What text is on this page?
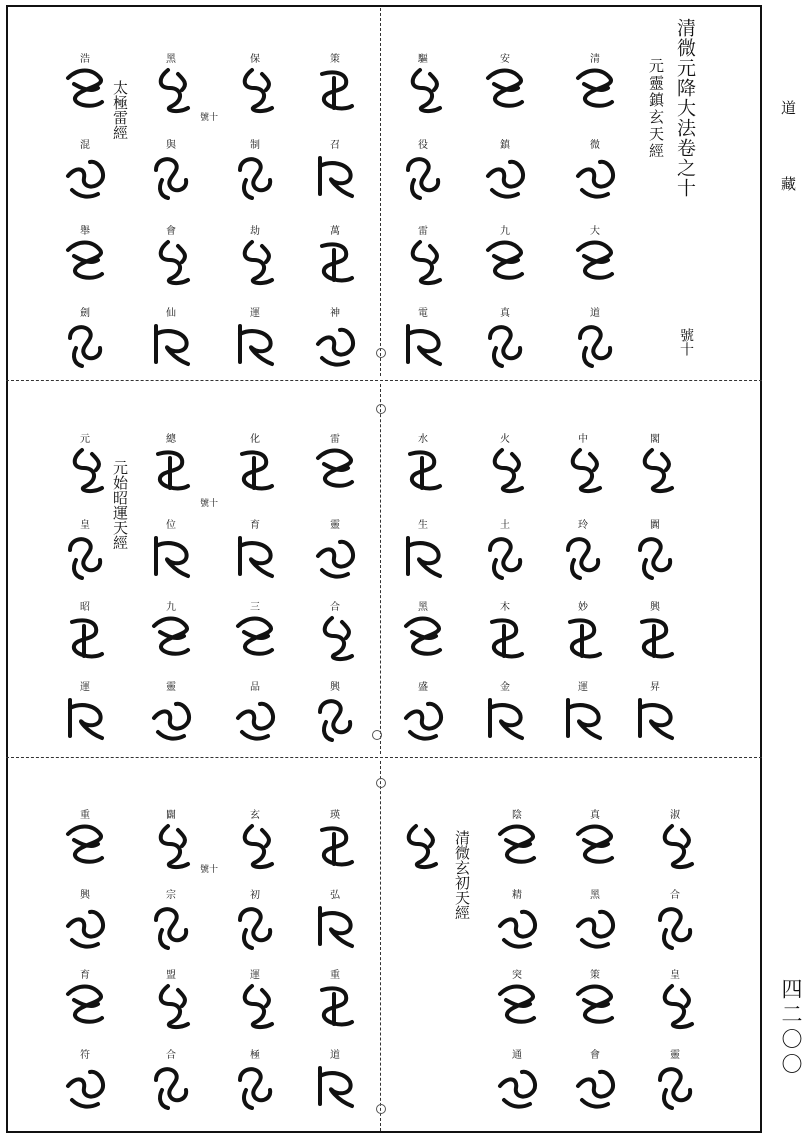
道
藏
四二〇〇
清微元降大法卷之十
元靈鎮玄天經
號十
太極雷經	號十
清
微
大
道
安
鎮
九
真
驅
役
雷
電
策
召
萬
神
保
制
劫
運
黑
與
會
仙
浩
混
舉
劍
元始昭運天經	號十
閣
闐
興
昇
中
玲
妙
運
火
土
木
金
水
生
黑
盛
雷
靈
合
興
化
育
三
品
總
位
九
靈
元
皇
昭
運
清微玄初天經
號十
淑
合
皇
靈
真
黑
策
會
陰
精
突
通
玄
初
運
極
瑛
弘
重
道
闢
宗
盟
合
重
興
育
符
